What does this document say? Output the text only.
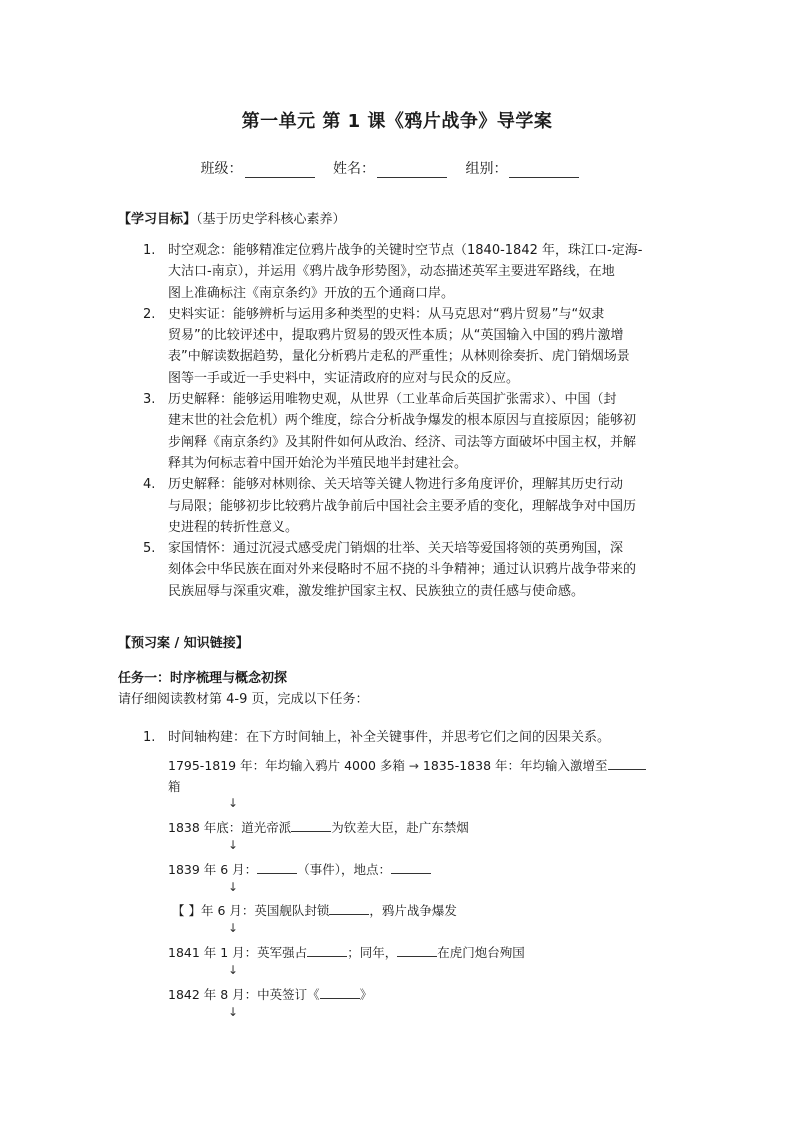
第一单元 第 1 课《鸦片战争》导学案
班级：	姓名：	组别：
【学习目标】（基于历史学科核心素养）
1. 时空观念：能够精准定位鸦片战争的关键时空节点（1840-1842 年，珠江口-定海-
大沽口-南京），并运用《鸦片战争形势图》，动态描述英军主要进军路线，在地
图上准确标注《南京条约》开放的五个通商口岸。
2. 史料实证：能够辨析与运用多种类型的史料：从马克思对“鸦片贸易”与“奴隶
贸易”的比较评述中，提取鸦片贸易的毁灭性本质；从“英国输入中国的鸦片激增
表”中解读数据趋势，量化分析鸦片走私的严重性；从林则徐奏折、虎门销烟场景
图等一手或近一手史料中，实证清政府的应对与民众的反应。
3. 历史解释：能够运用唯物史观，从世界（工业革命后英国扩张需求）、中国（封
建末世的社会危机）两个维度，综合分析战争爆发的根本原因与直接原因；能够初
步阐释《南京条约》及其附件如何从政治、经济、司法等方面破坏中国主权，并解
释其为何标志着中国开始沦为半殖民地半封建社会。
4. 历史解释：能够对林则徐、关天培等关键人物进行多角度评价，理解其历史行动
与局限；能够初步比较鸦片战争前后中国社会主要矛盾的变化，理解战争对中国历
史进程的转折性意义。
5. 家国情怀：通过沉浸式感受虎门销烟的壮举、关天培等爱国将领的英勇殉国，深
刻体会中华民族在面对外来侵略时不屈不挠的斗争精神；通过认识鸦片战争带来的
民族屈辱与深重灾难，激发维护国家主权、民族独立的责任感与使命感。
【预习案 / 知识链接】
任务一：时序梳理与概念初探
请仔细阅读教材第 4-9 页，完成以下任务：
1. 时间轴构建：在下方时间轴上，补全关键事件，并思考它们之间的因果关系。
1795-1819 年：年均输入鸦片 4000 多箱 → 1835-1838 年：年均输入激增至
箱
↓
1838 年底：道光帝派	为钦差大臣，赴广东禁烟
↓
1839 年 6 月：	（事件），地点：
↓
【 】年 6 月：英国舰队封锁	，鸦片战争爆发
↓
1841 年 1 月：英军强占	；同年，	在虎门炮台殉国
↓
1842 年 8 月：中英签订《	》
↓
